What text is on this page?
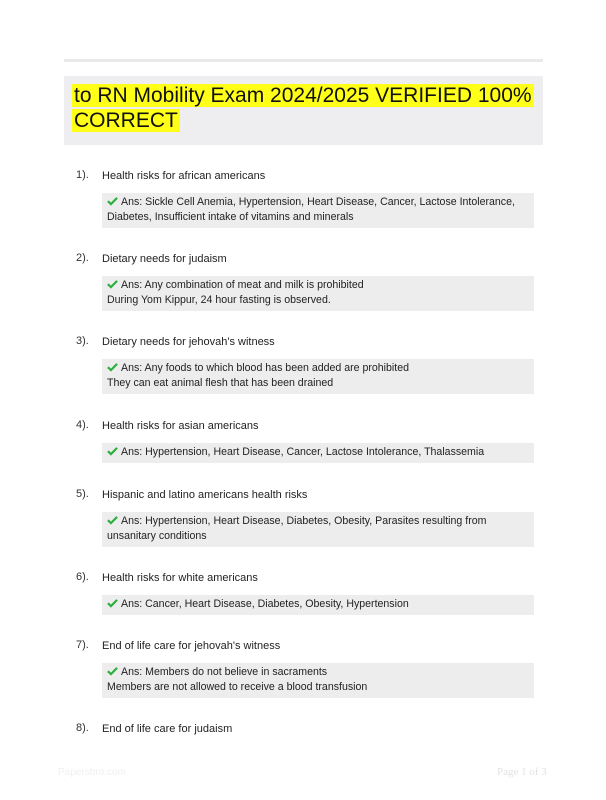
to RN Mobility Exam 2024/2025 VERIFIED 100% CORRECT
1). Health risks for african americans
Ans: Sickle Cell Anemia, Hypertension, Heart Disease, Cancer, Lactose Intolerance,
Diabetes, Insufficient intake of vitamins and minerals
2). Dietary needs for judaism
Ans: Any combination of meat and milk is prohibited
During Yom Kippur, 24 hour fasting is observed.
3). Dietary needs for jehovah's witness
Ans: Any foods to which blood has been added are prohibited
They can eat animal flesh that has been drained
4). Health risks for asian americans
Ans: Hypertension, Heart Disease, Cancer, Lactose Intolerance, Thalassemia
5). Hispanic and latino americans health risks
Ans: Hypertension, Heart Disease, Diabetes, Obesity, Parasites resulting from
unsanitary conditions
6). Health risks for white americans
Ans: Cancer, Heart Disease, Diabetes, Obesity, Hypertension
7). End of life care for jehovah's witness
Ans: Members do not believe in sacraments
Members are not allowed to receive a blood transfusion
8). End of life care for judaism
Papersbro.com	Page 1 of 3
